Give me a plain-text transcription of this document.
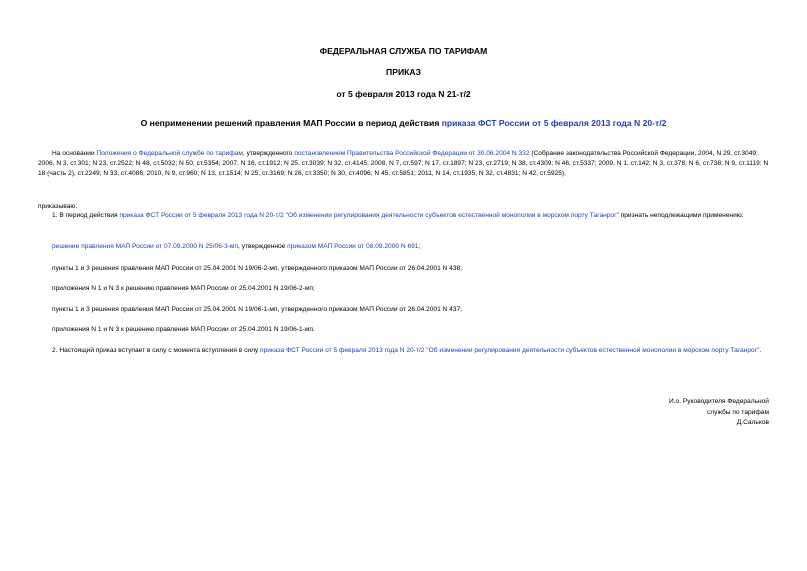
ФЕДЕРАЛЬНАЯ СЛУЖБА ПО ТАРИФАМ
ПРИКАЗ
от 5 февраля 2013 года N 21-т/2
О неприменении решений правления МАП России в период действия приказа ФСТ России от 5 февраля 2013 года N 20-т/2
На основании Положения о Федеральной службе по тарифам, утвержденного постановлением Правительства Российской Федерации от 30.06.2004 N 332 (Собрание законодательства Российской Федерации, 2004, N 29, ст.3049; 2006, N 3, ст.301; N 23, ст.2522; N 48, ст.5032; N 50, ст.5354; 2007, N 16, ст.1912; N 25, ст.3039; N 32, ст.4145; 2008, N 7, ст.597; N 17, ст.1897; N 23, ст.2719; N 38, ст.4309; N 46, ст.5337; 2009, N 1, ст.142; N 3, ст.378; N 6, ст.738; N 9, ст.1119; N 18 (часть 2), ст.2249; N 33, ст.4086; 2010, N 9, ст.960; N 13, ст.1514; N 25, ст.3169; N 26, ст.3350; N 30, ст.4096; N 45, ст.5851; 2011, N 14, ст.1935; N 32, ст.4831; N 42, ст.5925),
приказываю:
1. В период действия приказа ФСТ России от 5 февраля 2013 года N 20-т/2 "Об изменении регулирования деятельности субъектов естественной монополии в морском порту Таганрог" признать неподлежащими применению:
решение правления МАП России от 07.09.2000 N 25/06-3-мп, утвержденное приказом МАП России от 08.09.2000 N 691;
пункты 1 и 3 решения правления МАП России от 25.04.2001 N 19/06-2-мп, утвержденного приказом МАП России от 26.04.2001 N 438;
приложения N 1 и N 3 к решению правления МАП России от 25.04.2001 N 19/06-2-мп;
пункты 1 и 3 решения правления МАП России от 25.04.2001 N 19/06-1-мп, утвержденного приказом МАП России от 26.04.2001 N 437;
приложения N 1 и N 3 к решению правления МАП России от 25.04.2001 N 19/06-1-мп.
2. Настоящий приказ вступает в силу с момента вступления в силу приказа ФСТ России от 5 февраля 2013 года N 20-т/2 "Об изменении регулирования деятельности субъектов естественной монополии в морском порту Таганрог".
И.о. Руководителя Федеральной
службы по тарифам
Д.Сальков
